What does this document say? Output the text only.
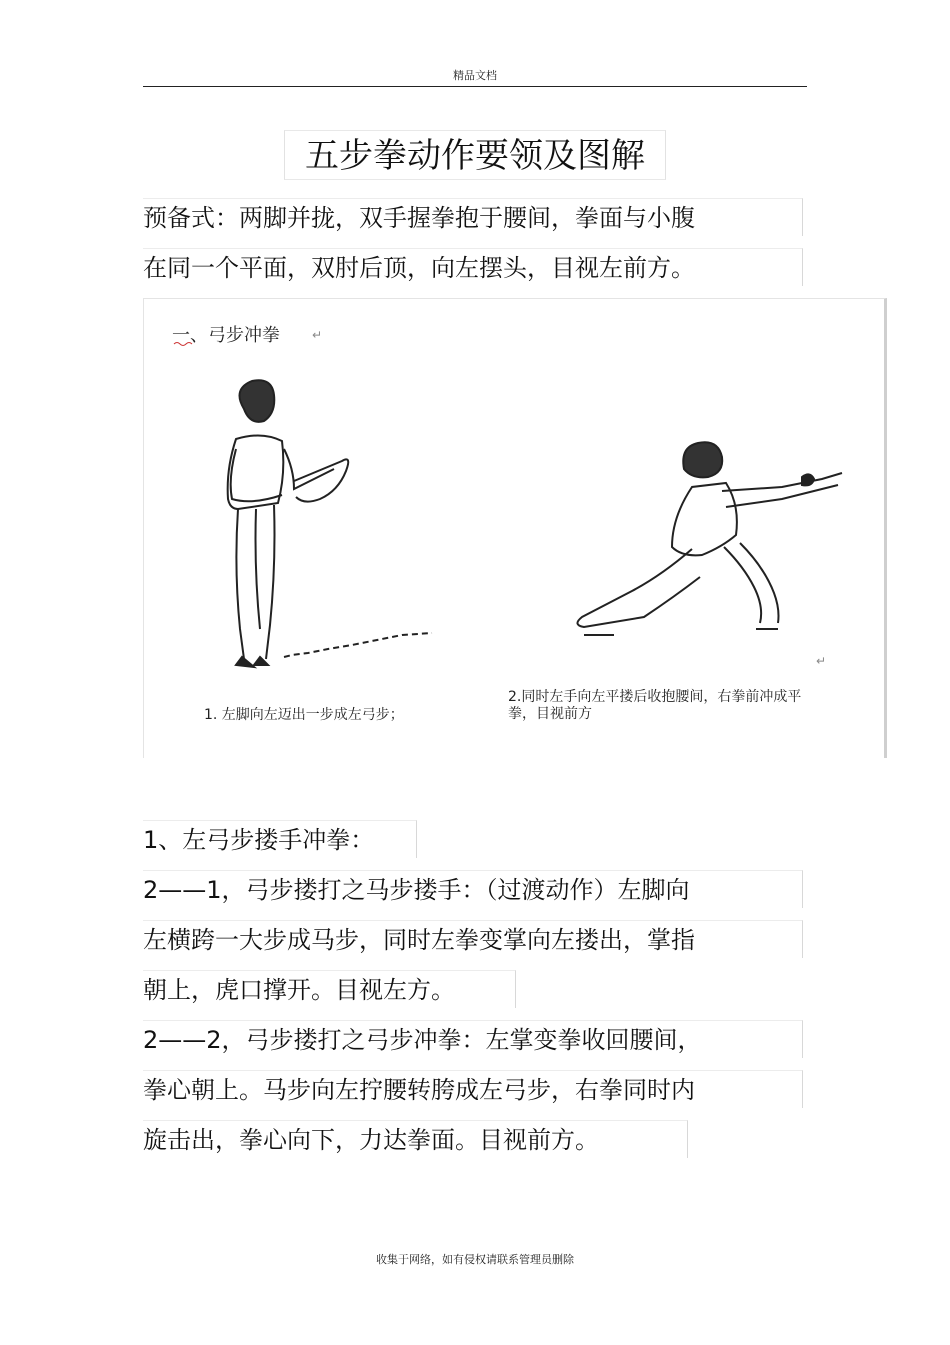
精品文档
五步拳动作要领及图解
预备式：两脚并拢，双手握拳抱于腰间，拳面与小腹
在同一个平面，双肘后顶，向左摆头，目视左前方。
↵
↵
一、弓步冲拳
1. 左脚向左迈出一步成左弓步；
2.同时左手向左平搂后收抱腰间，右拳前冲成平
拳，目视前方
1、左弓步搂手冲拳：
2——1，弓步搂打之马步搂手：（过渡动作）左脚向
左横跨一大步成马步，同时左拳变掌向左搂出，掌指
朝上，虎口撑开。目视左方。
2——2，弓步搂打之弓步冲拳：左掌变拳收回腰间，
拳心朝上。马步向左拧腰转胯成左弓步，右拳同时内
旋击出，拳心向下，力达拳面。目视前方。
收集于网络，如有侵权请联系管理员删除
